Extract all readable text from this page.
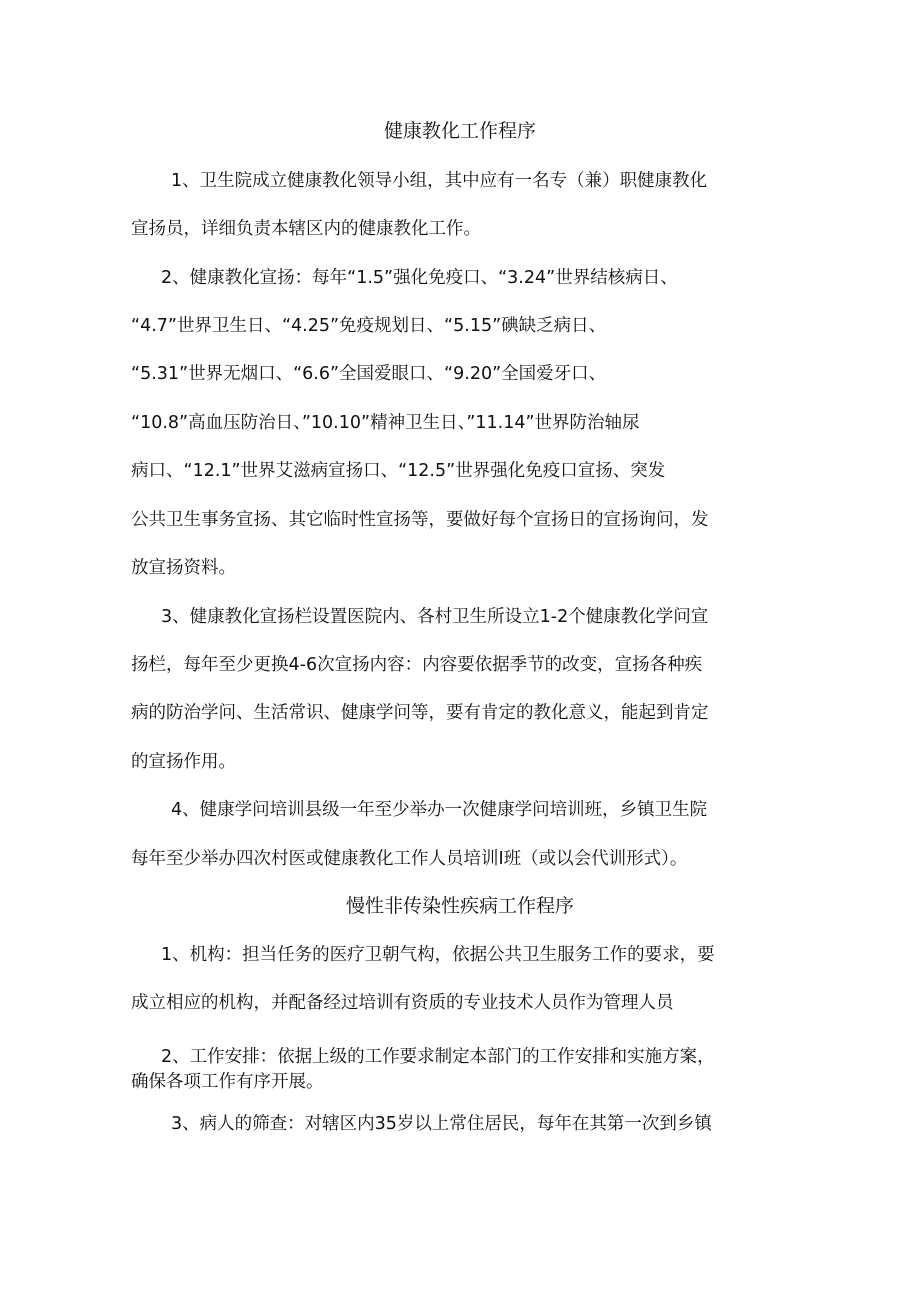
健康教化工作程序

1、卫生院成立健康教化领导小组，其中应有一名专（兼）职健康教化

宣扬员，详细负责本辖区内的健康教化工作。

2、健康教化宣扬：每年“1.5”强化免疫口、“3.24”世界结核病日、

“4.7”世界卫生日、“4.25”免疫规划日、“5.15”碘缺乏病日、

“5.31”世界无烟口、“6.6”全国爱眼口、“9.20”全国爱牙口、

“10.8”高血压防治日、”10.10”精神卫生日、”11.14”世界防治轴尿

病口、“12.1”世界艾滋病宣扬口、“12.5”世界强化免疫口宣扬、突发

公共卫生事务宣扬、其它临时性宣扬等，要做好每个宣扬日的宣扬询问，发

放宣扬资料。

3、健康教化宣扬栏设置医院内、各村卫生所设立1-2个健康教化学问宣

扬栏，每年至少更换4-6次宣扬内容：内容要依据季节的改变，宣扬各种疾

病的防治学问、生活常识、健康学问等，要有肯定的教化意义，能起到肯定

的宣扬作用。

4、健康学问培训县级一年至少举办一次健康学问培训班，乡镇卫生院

每年至少举办四次村医或健康教化工作人员培训I班（或以会代训形式）。

慢性非传染性疾病工作程序

1、机构：担当任务的医疗卫朝气构，依据公共卫生服务工作的要求，要

成立相应的机构，并配备经过培训有资质的专业技术人员作为管理人员

2、工作安排：依据上级的工作要求制定本部门的工作安排和实施方案，

确保各项工作有序开展。

3、病人的筛查：对辖区内35岁以上常住居民，每年在其第一次到乡镇
